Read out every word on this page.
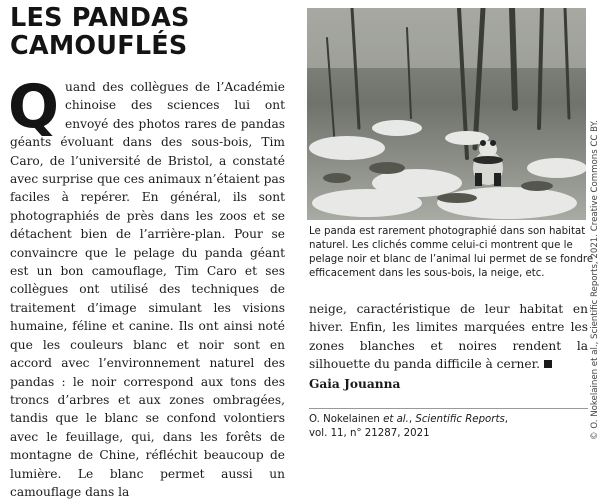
LES PANDAS
CAMOUFLÉS
Q uand des collègues de l’Académie chinoise des sciences lui ont envoyé des photos rares de pandas géants évoluant dans des sous-bois, Tim Caro, de l’université de Bristol, a constaté avec surprise que ces animaux n’étaient pas faciles à repérer. En général, ils sont photographiés de près dans les zoos et se détachent bien de l’arrière-plan. Pour se convaincre que le pelage du panda géant est un bon camouflage, Tim Caro et ses collègues ont utilisé des techniques de traitement d’image simulant les visions humaine, féline et canine. Ils ont ainsi noté que les couleurs blanc et noir sont en accord avec l’environnement naturel des pandas : le noir correspond aux tons des troncs d’arbres et aux zones ombragées, tandis que le blanc se confond volontiers avec le feuillage, qui, dans les forêts de montagne de Chine, réfléchit beaucoup de lumière. Le blanc permet aussi un camouflage dans la

Le panda est rarement photographié dans son habitat naturel. Les clichés comme celui-ci montrent que le pelage noir et blanc de l’animal lui permet de se fondre efficacement dans les sous-bois, la neige, etc.	© O. Nokelainen et al., Scientific Reports, 2021. Creative Commons CC BY.

neige, caractéristique de leur habitat en hiver. Enfin, les limites marquées entre les zones blanches et noires rendent la silhouette du panda difficile à cerner.

Gaia Jouanna
O. Nokelainen et al., Scientific Reports,
vol. 11, n° 21287, 2021
